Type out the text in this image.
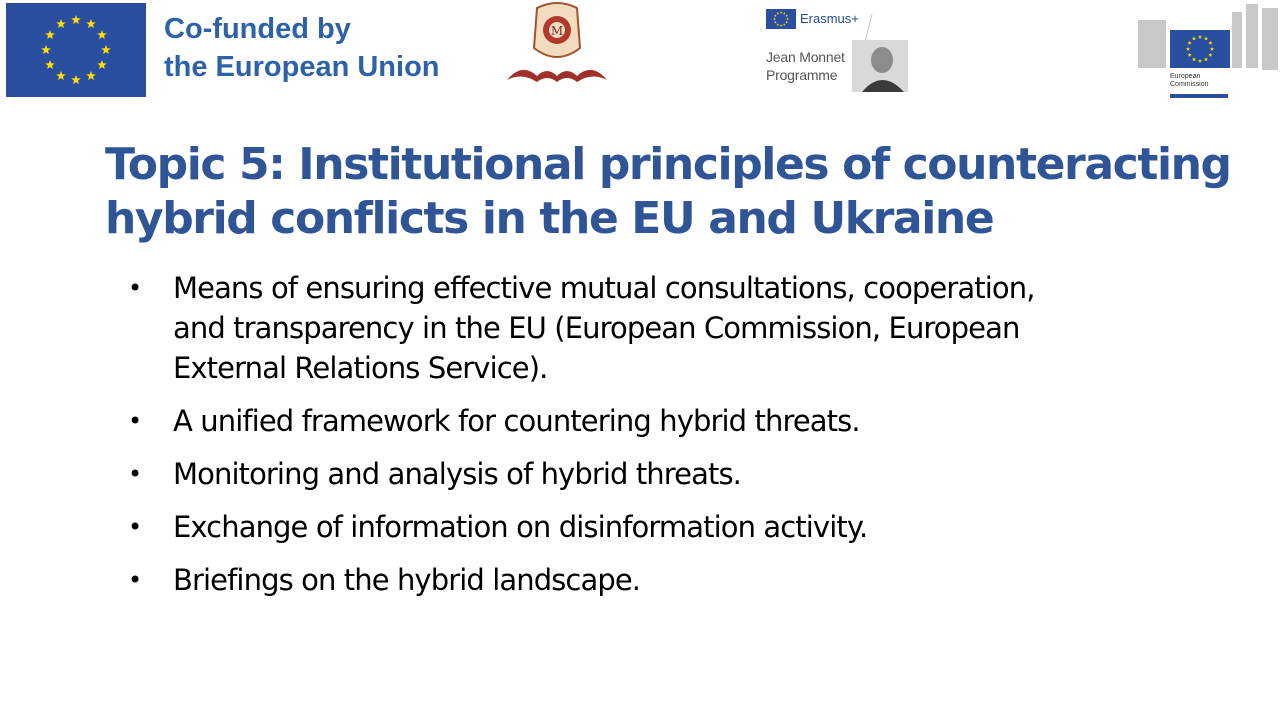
Co-funded by
the European Union
M
Erasmus+
Jean Monnet
Programme	European
Commission
Topic 5: Institutional principles of counteracting
hybrid conflicts in the EU and Ukraine
• Means of ensuring effective mutual consultations, cooperation,
and transparency in the EU (European Commission, European
External Relations Service).
• A unified framework for countering hybrid threats.
• Monitoring and analysis of hybrid threats.
• Exchange of information on disinformation activity.
• Briefings on the hybrid landscape.
